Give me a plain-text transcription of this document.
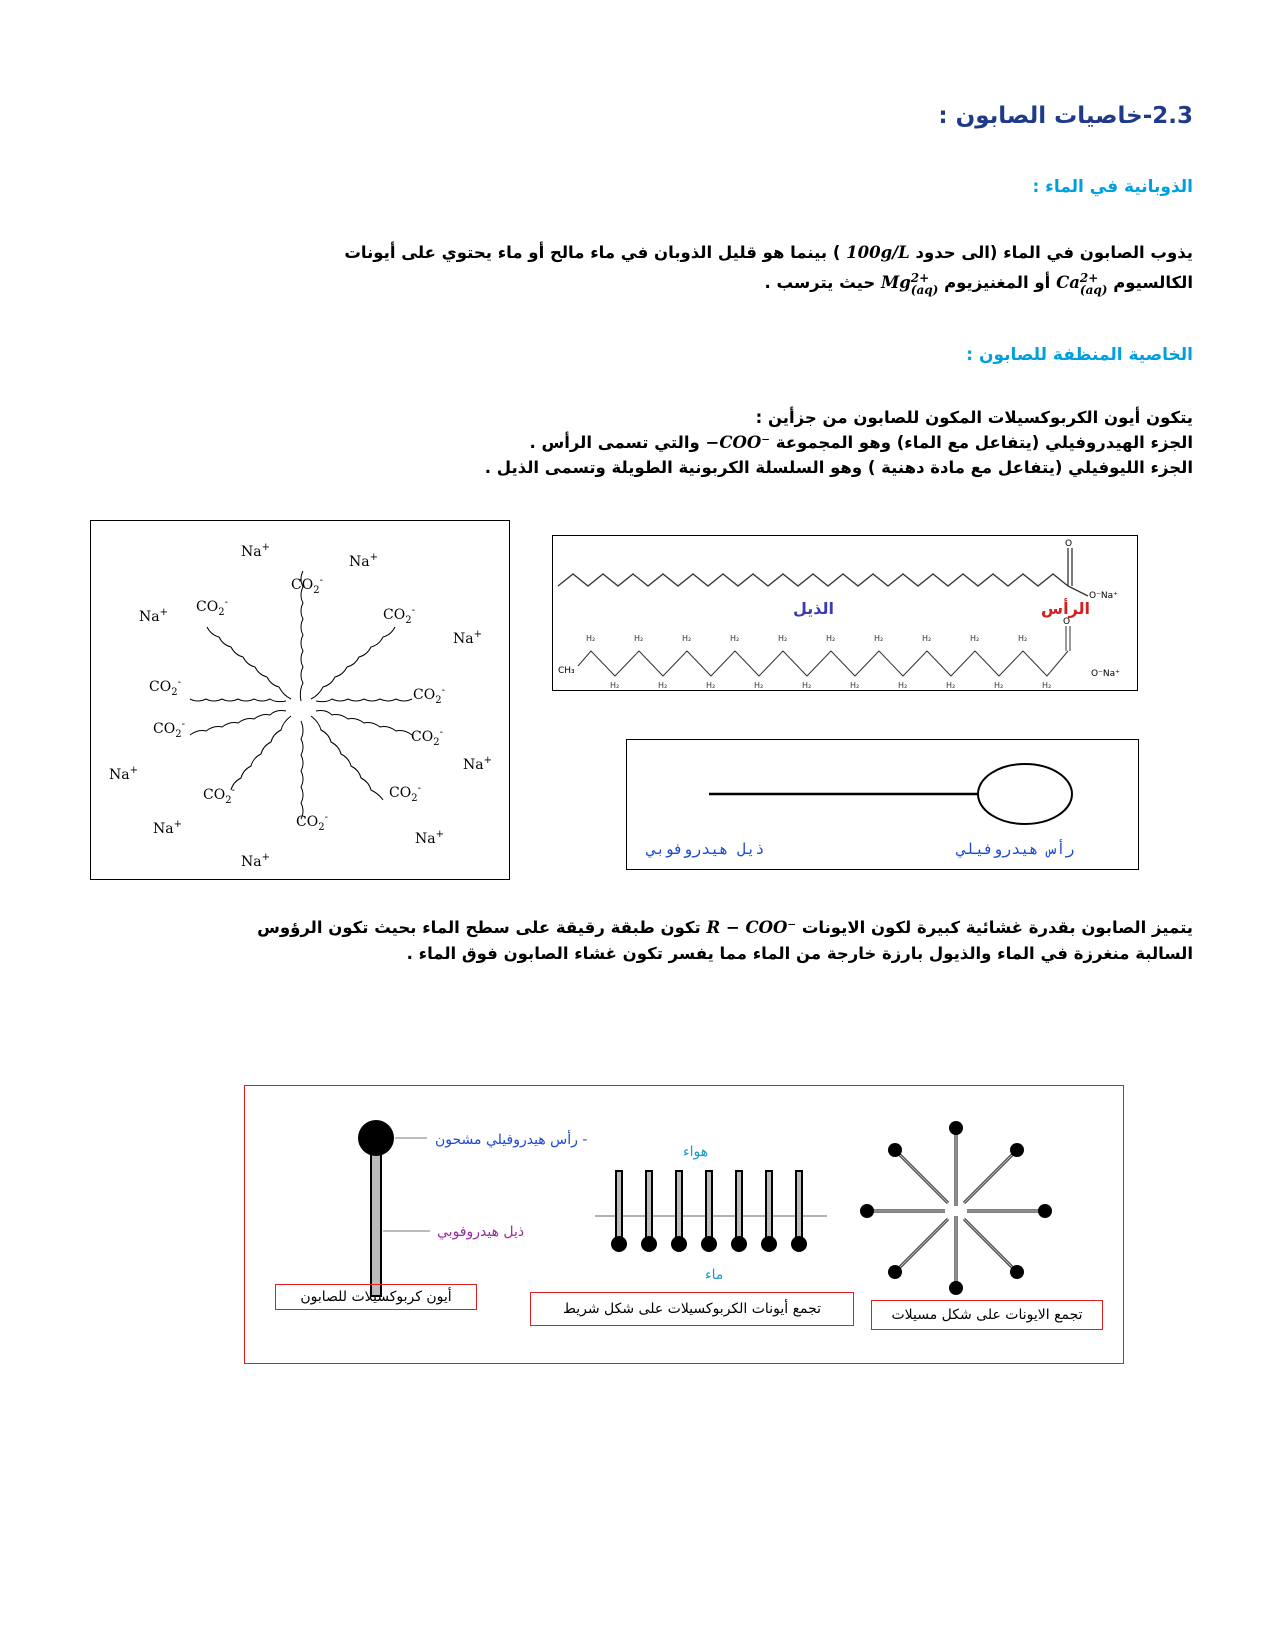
2.3-خاصيات الصابون :
الذوبانية في الماء :
يذوب الصابون في الماء (الى حدود 100g/L ) بينما هو قليل الذوبان في ماء مالح أو ماء يحتوي على أيونات
الكالسيوم Ca 2+
(aq)
أو المغنيزيوم Mg 2+
(aq)
حيث يترسب .
الخاصية المنظفة للصابون :
يتكون أيون الكربوكسيلات المكون للصابون من جزأين :
الجزء الهيدروفيلي (يتفاعل مع الماء) وهو المجموعة −COO⁻ والتي تسمى الرأس .
الجزء الليوفيلي (يتفاعل مع مادة دهنية ) وهو السلسلة الكربونية الطويلة وتسمى الذيل .
Na+
Na+
Na+
Na+
Na+
Na+
Na+
Na+
Na+
$CO_2^-$
$CO_2^-$
$CO_2^-$
$CO_2^-$
$CO_2^-$
$CO_2^-$
$CO_2^-$
$CO_2^-$	$CO_2^-$
$CO_2^-$
O
O⁻Na⁺
الذيل	الرأس
CH₃
H₂
H₂
H₂
H₂
H₂
H₂
H₂
H₂
H₂
H₂
H₂
H₂
H₂
H₂
H₂
H₂
H₂
H₂
H₂
H₂
O
O⁻Na⁺
ذيل هيدروفوبي	رأس هيدروفيلي
يتميز الصابون بقدرة غشائية كبيرة لكون الايونات R − COO⁻ تكون طبقة رقيقة على سطح الماء بحيث تكون الرؤوس
السالبة منغرزة في الماء والذيول بارزة خارجة من الماء مما يفسر تكون غشاء الصابون فوق الماء .
رأس هيدروفيلي مشحون -
ذيل هيدروفوبي
هواء
ماء
أيون كربوكسيلات للصابون
تجمع أيونات الكربوكسيلات على شكل شريط	تجمع الايونات على شكل مسيلات
